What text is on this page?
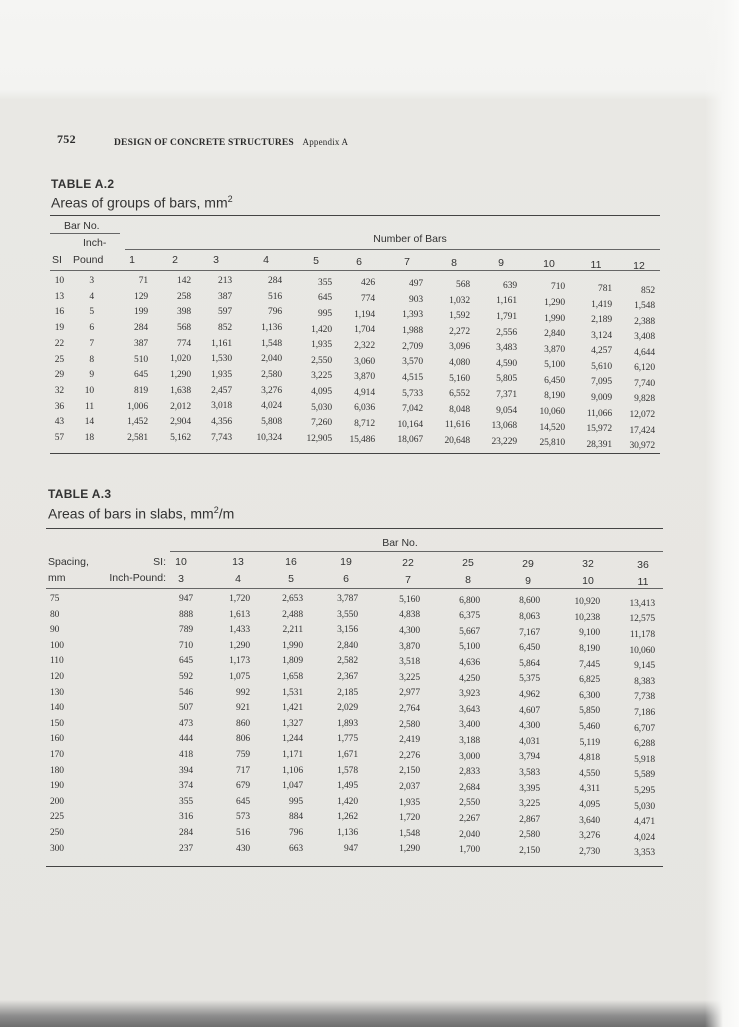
752	DESIGN OF CONCRETE STRUCTURES Appendix A
TABLE A.2
Areas of groups of bars, $mm^2$
Bar No.
Inch-	Number of Bars
SI Pound	1	2	3	4	5	6	7	8	9	10	11	12
10	3	71	142	213	284	355	426	497	568	639	710	781	852
13	4	129	258	387	516	645	774	903	1,032	1,161	1,290	1,419	1,548
16	5	199	398	597	796	995	1,194	1,393	1,592	1,791	1,990	2,189	2,388
19	6	284	568	852	1,136	1,420	1,704	1,988	2,272	2,556	2,840	3,124	3,408
22	7	387	774	1,161	1,548	1,935	2,322	2,709	3,096	3,483	3,870	4,257	4,644
25	8	510	1,020	1,530	2,040	2,550	3,060	3,570	4,080	4,590	5,100	5,610	6,120
29	9	645	1,290	1,935	2,580	3,225	3,870	4,515	5,160	5,805	6,450	7,095	7,740
32	10	819	1,638	2,457	3,276	4,095	4,914	5,733	6,552	7,371	8,190	9,009	9,828
36	11	1,006	2,012	3,018	4,024	5,030	6,036	7,042	8,048	9,054	10,060	11,066	12,072
43	14	1,452	2,904	4,356	5,808	7,260	8,712	10,164	11,616	13,068	14,520	15,972	17,424
57	18	2,581	5,162	7,743	10,324	12,905	15,486	18,067	20,648	23,229	25,810	28,391	30,972
TABLE A.3
Areas of bars in slabs, $mm^2/m$
Bar No.
Spacing,
mm
SI:
Inch-Pound:
10	13	16	19	22	25	29	32	36
3	4	5	6	7	8	9	10	11
75	947	1,720	2,653	3,787	5,160	6,800	8,600	10,920	13,413
80	888	1,613	2,488	3,550	4,838	6,375	8,063	10,238	12,575
90	789	1,433	2,211	3,156	4,300	5,667	7,167	9,100	11,178
100	710	1,290	1,990	2,840	3,870	5,100	6,450	8,190	10,060
110	645	1,173	1,809	2,582	3,518	4,636	5,864	7,445	9,145
120	592	1,075	1,658	2,367	3,225	4,250	5,375	6,825	8,383
130	546	992	1,531	2,185	2,977	3,923	4,962	6,300	7,738
140	507	921	1,421	2,029	2,764	3,643	4,607	5,850	7,186
150	473	860	1,327	1,893	2,580	3,400	4,300	5,460	6,707
160	444	806	1,244	1,775	2,419	3,188	4,031	5,119	6,288
170	418	759	1,171	1,671	2,276	3,000	3,794	4,818	5,918
180	394	717	1,106	1,578	2,150	2,833	3,583	4,550	5,589
190	374	679	1,047	1,495	2,037	2,684	3,395	4,311	5,295
200	355	645	995	1,420	1,935	2,550	3,225	4,095	5,030
225	316	573	884	1,262	1,720	2,267	2,867	3,640	4,471
250	284	516	796	1,136	1,548	2,040	2,580	3,276	4,024
300	237	430	663	947	1,290	1,700	2,150	2,730	3,353
